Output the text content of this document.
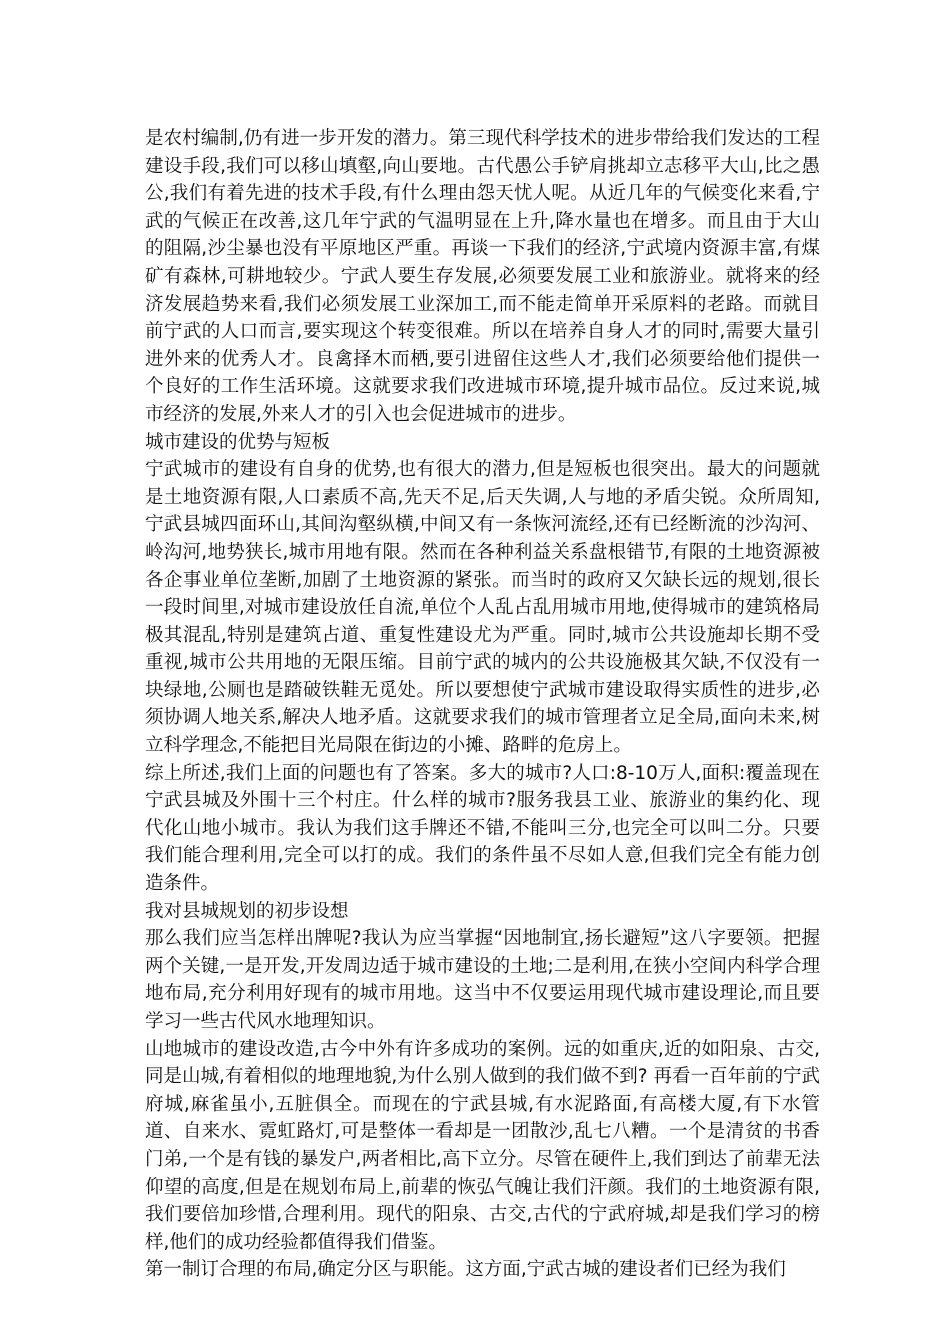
是农村编制,仍有进一步开发的潜力。第三现代科学技术的进步带给我们发达的工程建设手段,我们可以移山填壑,向山要地。古代愚公手铲肩挑却立志移平大山,比之愚公,我们有着先进的技术手段,有什么理由怨天忧人呢。从近几年的气候变化来看,宁武的气候正在改善,这几年宁武的气温明显在上升,降水量也在增多。而且由于大山的阻隔,沙尘暴也没有平原地区严重。再谈一下我们的经济,宁武境内资源丰富,有煤矿有森林,可耕地较少。宁武人要生存发展,必须要发展工业和旅游业。就将来的经济发展趋势来看,我们必须发展工业深加工,而不能走简单开采原料的老路。而就目前宁武的人口而言,要实现这个转变很难。所以在培养自身人才的同时,需要大量引进外来的优秀人才。良禽择木而栖,要引进留住这些人才,我们必须要给他们提供一个良好的工作生活环境。这就要求我们改进城市环境,提升城市品位。反过来说,城市经济的发展,外来人才的引入也会促进城市的进步。

城市建设的优势与短板

宁武城市的建设有自身的优势,也有很大的潜力,但是短板也很突出。最大的问题就是土地资源有限,人口素质不高,先天不足,后天失调,人与地的矛盾尖锐。众所周知,宁武县城四面环山,其间沟壑纵横,中间又有一条恢河流经,还有已经断流的沙沟河、岭沟河,地势狭长,城市用地有限。然而在各种利益关系盘根错节,有限的土地资源被各企事业单位垄断,加剧了土地资源的紧张。而当时的政府又欠缺长远的规划,很长一段时间里,对城市建设放任自流,单位个人乱占乱用城市用地,使得城市的建筑格局极其混乱,特别是建筑占道、重复性建设尤为严重。同时,城市公共设施却长期不受重视,城市公共用地的无限压缩。目前宁武的城内的公共设施极其欠缺,不仅没有一块绿地,公厕也是踏破铁鞋无觅处。所以要想使宁武城市建设取得实质性的进步,必须协调人地关系,解决人地矛盾。这就要求我们的城市管理者立足全局,面向未来,树立科学理念,不能把目光局限在街边的小摊、路畔的危房上。

综上所述,我们上面的问题也有了答案。多大的城市?人口:8-10万人,面积:覆盖现在宁武县城及外围十三个村庄。什么样的城市?服务我县工业、旅游业的集约化、现代化山地小城市。我认为我们这手牌还不错,不能叫三分,也完全可以叫二分。只要我们能合理利用,完全可以打的成。我们的条件虽不尽如人意,但我们完全有能力创造条件。

我对县城规划的初步设想

那么我们应当怎样出牌呢?我认为应当掌握“因地制宜,扬长避短”这八字要领。把握两个关键,一是开发,开发周边适于城市建设的土地;二是利用,在狭小空间内科学合理地布局,充分利用好现有的城市用地。这当中不仅要运用现代城市建设理论,而且要学习一些古代风水地理知识。

山地城市的建设改造,古今中外有许多成功的案例。远的如重庆,近的如阳泉、古交,同是山城,有着相似的地理地貌,为什么别人做到的我们做不到? 再看一百年前的宁武府城,麻雀虽小,五脏俱全。而现在的宁武县城,有水泥路面,有高楼大厦,有下水管道、自来水、霓虹路灯,可是整体一看却是一团散沙,乱七八糟。一个是清贫的书香门弟,一个是有钱的暴发户,两者相比,高下立分。尽管在硬件上,我们到达了前辈无法仰望的高度,但是在规划布局上,前辈的恢弘气魄让我们汗颜。我们的土地资源有限,我们要倍加珍惜,合理利用。现代的阳泉、古交,古代的宁武府城,却是我们学习的榜样,他们的成功经验都值得我们借鉴。

第一制订合理的布局,确定分区与职能。这方面,宁武古城的建设者们已经为我们
